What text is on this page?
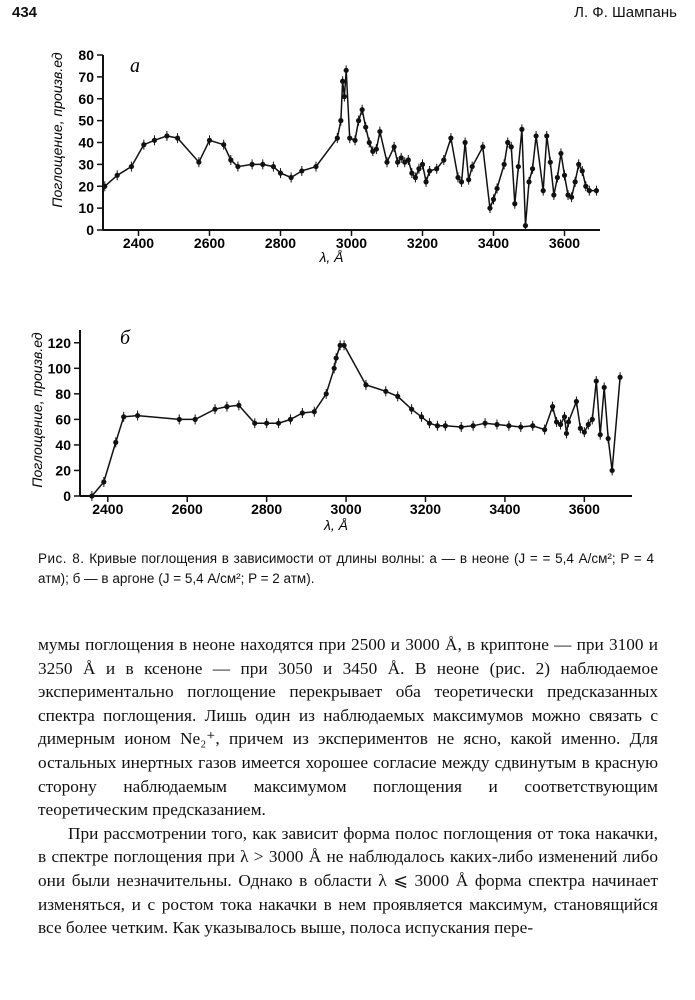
434	Л. Ф. Шампань
0
10
20
30
40
50
60
70
80
2400	2600	2800	3000	3200	3400	3600
Поглощение, произв.ед
λ, Å
а
0
20
40
60
80
100
120
2400	2600	2800	3000	3200	3400	3600
Поглощение, произв.ед
λ, Å
б
Рис. 8. Кривые поглощения в зависимости от длины волны: а — в неоне (J = = 5,4 А/см²; P = 4 атм); б — в аргоне (J = 5,4 А/см²; P = 2 атм).

мумы поглощения в неоне находятся при 2500 и 3000 Å, в криптоне — при 3100 и 3250 Å и в ксеноне — при 3050 и 3450 Å. В неоне (рис. 2) наблюдаемое экспериментально поглощение перекрывает оба теоретически предсказанных спектра поглощения. Лишь один из наблюдаемых максимумов можно связать с димерным ионом Ne₂⁺, причем из экспериментов не ясно, какой именно. Для остальных инертных газов имеется хорошее согласие между сдвинутым в красную сторону наблюдаемым максимумом поглощения и соответствующим теоретическим предсказанием.

При рассмотрении того, как зависит форма полос поглощения от тока накачки, в спектре поглощения при λ > 3000 Å не наблюдалось каких-либо изменений либо они были незначительны. Однако в области λ ⩽ 3000 Å форма спектра начинает изменяться, и с ростом тока накачки в нем проявляется максимум, становящийся все более четким. Как указывалось выше, полоса испускания пере-
